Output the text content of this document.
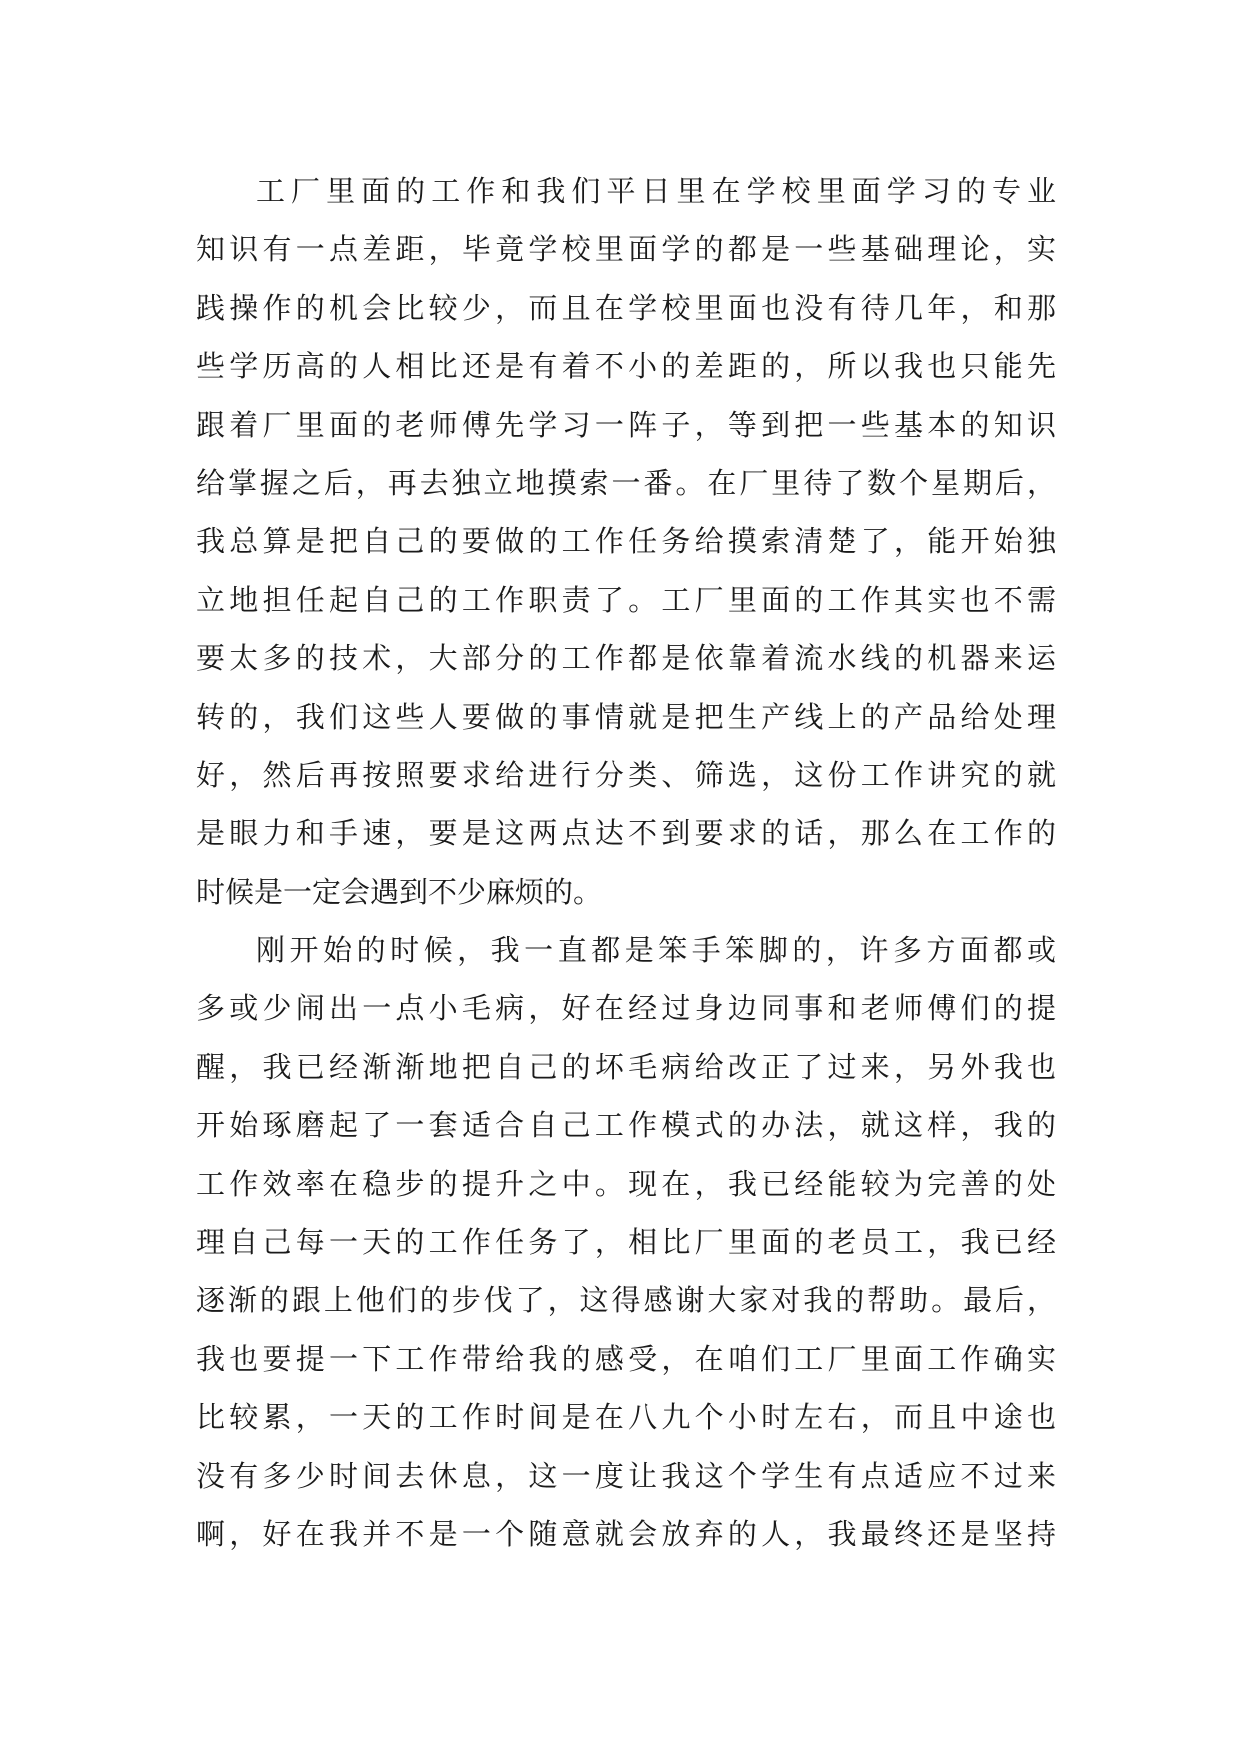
工厂里面的工作和我们平日里在学校里面学习的专业
知识有一点差距，毕竟学校里面学的都是一些基础理论，实
践操作的机会比较少，而且在学校里面也没有待几年，和那
些学历高的人相比还是有着不小的差距的，所以我也只能先
跟着厂里面的老师傅先学习一阵子，等到把一些基本的知识
给掌握之后，再去独立地摸索一番。在厂里待了数个星期后，
我总算是把自己的要做的工作任务给摸索清楚了，能开始独
立地担任起自己的工作职责了。工厂里面的工作其实也不需
要太多的技术，大部分的工作都是依靠着流水线的机器来运
转的，我们这些人要做的事情就是把生产线上的产品给处理
好，然后再按照要求给进行分类、筛选，这份工作讲究的就
是眼力和手速，要是这两点达不到要求的话，那么在工作的
时候是一定会遇到不少麻烦的。
刚开始的时候，我一直都是笨手笨脚的，许多方面都或
多或少闹出一点小毛病，好在经过身边同事和老师傅们的提
醒，我已经渐渐地把自己的坏毛病给改正了过来，另外我也
开始琢磨起了一套适合自己工作模式的办法，就这样，我的
工作效率在稳步的提升之中。现在，我已经能较为完善的处
理自己每一天的工作任务了，相比厂里面的老员工，我已经
逐渐的跟上他们的步伐了，这得感谢大家对我的帮助。最后，
我也要提一下工作带给我的感受，在咱们工厂里面工作确实
比较累，一天的工作时间是在八九个小时左右，而且中途也
没有多少时间去休息，这一度让我这个学生有点适应不过来
啊，好在我并不是一个随意就会放弃的人，我最终还是坚持
